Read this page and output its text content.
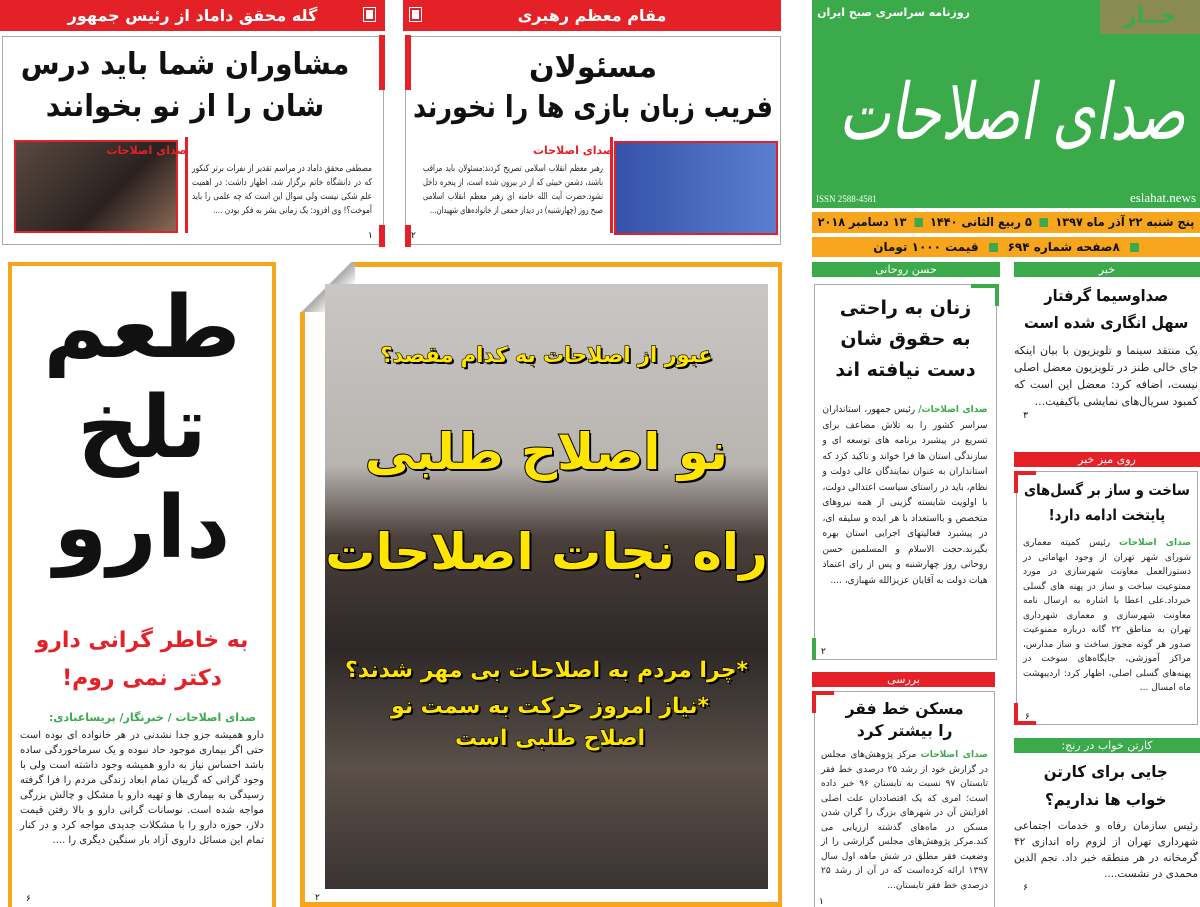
گله محقق داماد از رئیس جمهور
مشاوران شما باید درس شان را از نو بخوانند
صدای اصلاحات
مصطفی محقق داماد در مراسم تقدیر از نفرات برتر کنکور که در دانشگاه خاتم برگزار شد، اظهار داشت: در اهمیت علم شکی نیست ولی سوال این است که چه علمی را باید آموخت؟! وی افزود: یک زمانی بشر به فکر بودن ....
۱
مقام معظم رهبری
مسئولان
فریب زبان بازی ها را نخورند
صدای اصلاحات
رهبر معظم انقلاب اسلامی تصریح کردند:مسئولان باید مراقب باشند، دشمن خبیثی که از در بیرون شده است، از پنجره داخل نشود.حضرت آیت الله خامنه ای رهبر معظم انقلاب اسلامی صبح روز (چهارشنبه) در دیدار جمعی از خانواده‌های شهیدان...
۲
روزنامه سراسری صبح ایران	جــار
صدای اصلاحات
ISSN 2588-4581	eslahat.news
پنج شنبه ۲۲ آذر ماه ۱۳۹۷
۵ ربیع الثانی ۱۴۴۰
۱۳ دسامبر ۲۰۱۸
۸صفحه شماره ۶۹۴
قیمت ۱۰۰۰ تومان
طعم
تلخ
دارو
به خاطر گرانی دارو دکتر نمی روم!
صدای اصلاحات / خبرنگار/ پریساعبادی:
دارو همیشه جزو جدا نشدنی در هر خانواده ای بوده است حتی اگر بیماری موجود حاد نبوده و یک سرماخوردگی ساده باشد احساس نیاز به دارو همیشه وجود داشته است ولی با وجود گرانی که گریبان تمام ابعاد زندگی مردم را فرا گرفته رسیدگی به بیماری ها و تهیه دارو با مشکل و چالش بزرگی مواجه شده است. نوسانات گرانی دارو و بالا رفتن قیمت دلار، حوزه دارو را با مشکلات جدیدی مواجه کرد و در کنار تمام این مسائل داروی آزاد بار سنگین دیگری را ....
۶
عبور از اصلاحات به کدام مقصد؟
نو اصلاح طلبی
راه نجات اصلاحات
*چرا مردم به اصلاحات بی مهر شدند؟
*نیاز امروز حرکت به سمت نو اصلاح طلبی است
۲
حسن روحانی
زنان به راحتی به حقوق شان دست نیافته اند
صدای اصلاحات/ رئیس جمهور، استانداران سراسر کشور را به تلاش مضاعف برای تسریع در پیشبرد برنامه های توسعه ای و سازندگی استان ها فرا خواند و تاکید کرد که استانداران به عنوان نمایندگان عالی دولت و نظام، باید در راستای سیاست اعتدالی دولت، با اولویت شایسته گزینی از همه نیروهای متخصص و بااستعداد با هر ایده و سلیقه ای، در پیشبرد فعالیتهای اجرایی استان بهره بگیرند.حجت الاسلام و المسلمین حسن روحانی روز چهارشنبه و پس از رای اعتماد هیات دولت به آقایان عزیزالله شهبازی، ....
۲
بررسی
مسکن خط فقر را بیشتر کرد
صدای اصلاحات مرکز پژوهش‌های مجلس در گزارش خود از رشد ۲۵ درصدی خط فقر تابستان ۹۷ نسبت به تابستان ۹۶ خبر داده است؛ امری که یک اقتصاددان علت اصلی افزایش آن در شهرهای بزرگ را گران شدن مسکن در ماه‌های گذشته ارزیابی می کند.مرکز پژوهش‌های مجلس گزارشی را از وضعیت فقر مطلق در شش ماهه اول سال ۱۳۹۷ ارائه کرده‌است که در آن از رشد ۲۵ درصدی خط فقر تابستان...
۱
خبر
صداوسیما گرفتار سهل انگاری شده است
یک منتقد سینما و تلویزیون با بیان اینکه جای خالی طنز در تلویزیون معضل اصلی نیست، اضافه کرد: معضل این است که کمبود سریال‌های نمایشی باکیفیت...
۳
روی میز خبر
ساخت و ساز بر گسل‌های پایتخت ادامه دارد!
صدای اصلاحات رئیس کمیته معماری شورای شهر تهران از وجود ابهاماتی در دستورالعمل معاونت شهرسازی در مورد ممنوعیت ساخت و ساز در پهنه های گسلی خبرداد.علی اعطا با اشاره به ارسال نامه معاونت شهرسازی و معماری شهرداری تهران به مناطق ۲۲ گانه درباره ممنوعیت صدور هر گونه مجوز ساخت و ساز مدارس، مراکز آموزشی، جایگاه‌های سوخت در پهنه‌های گسلی اصلی، اظهار کرد: اردیبهشت ماه امسال ...
۶
کارتن خواب در رنج:
جایی برای کارتن خواب ها نداریم؟
رئیس سازمان رفاه و خدمات اجتماعی شهرداری تهران از لزوم راه اندازی ۴۲ گرمخانه در هر منطقه خبر داد. نجم الدین محمدی در نشست....
۶
